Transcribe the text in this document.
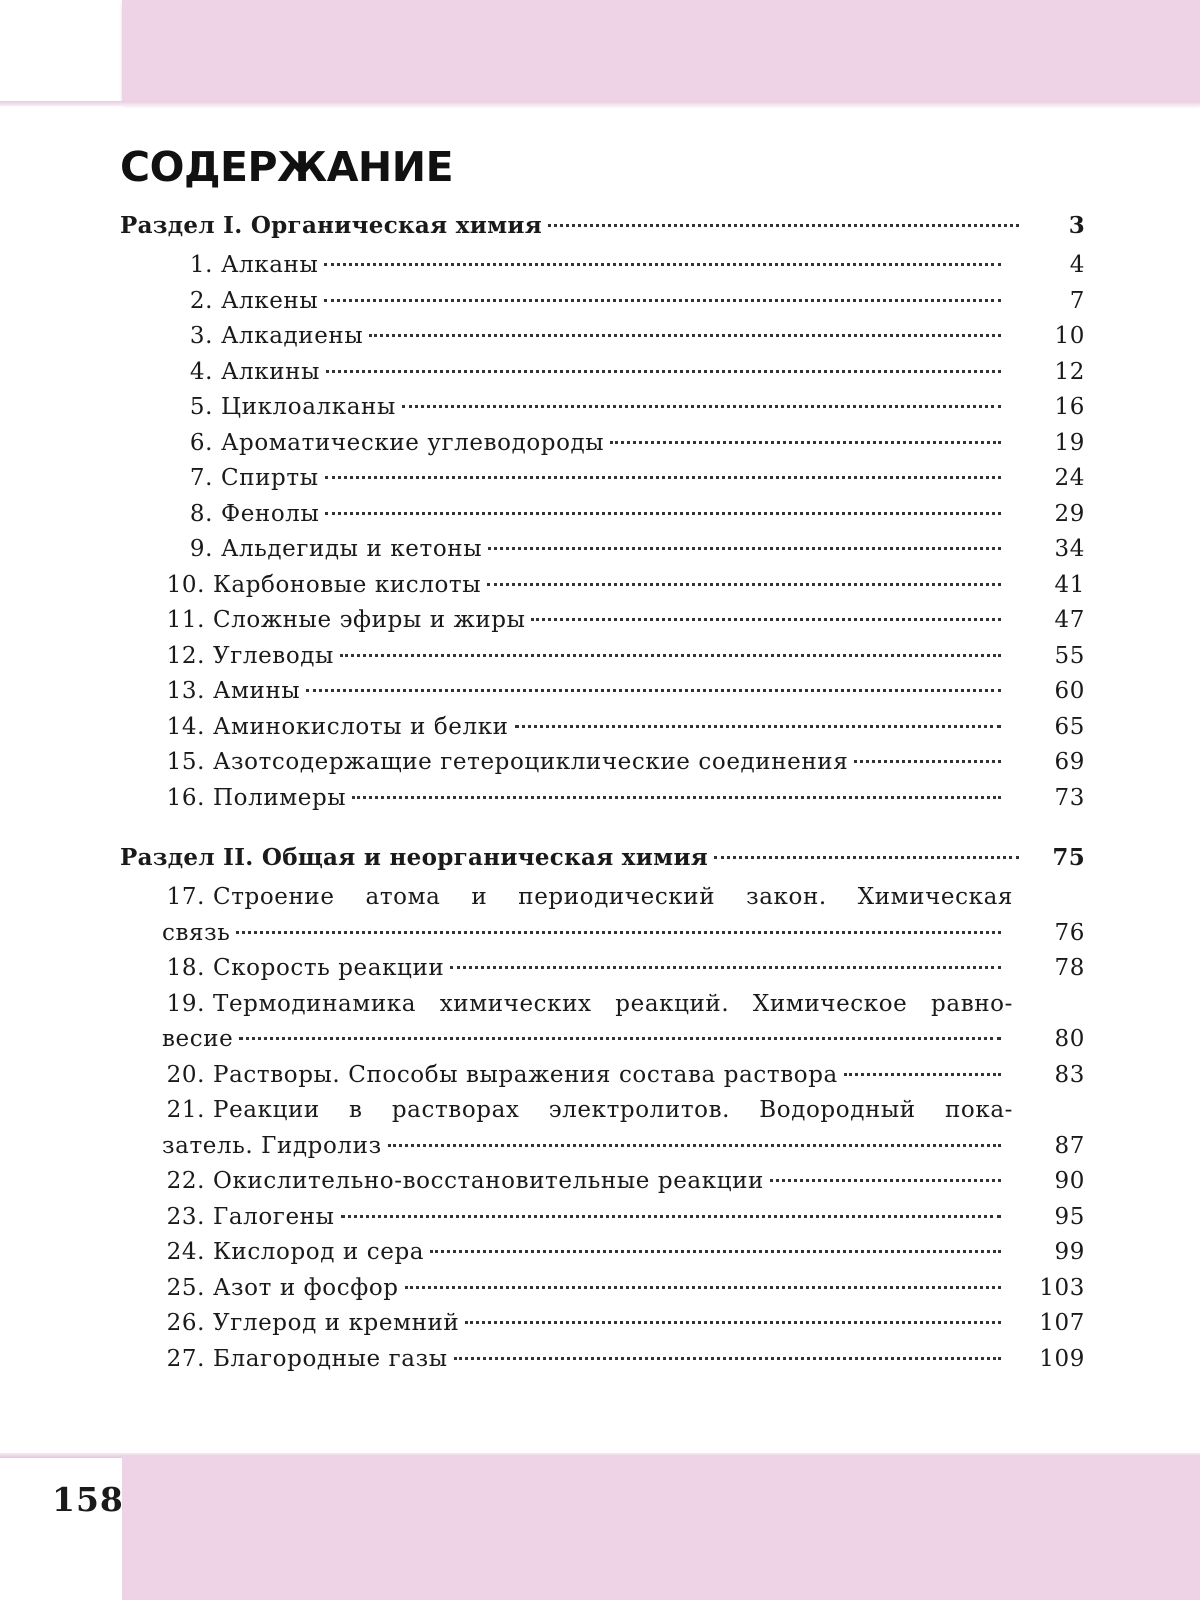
СОДЕРЖАНИЕ
Раздел I. Органическая химия	3
1. Алканы	4
2. Алкены	7
3. Алкадиены	10
4. Алкины	12
5. Циклоалканы	16
6. Ароматические углеводороды	19
7. Спирты	24
8. Фенолы	29
9. Альдегиды и кетоны	34
10. Карбоновые кислоты	41
11. Сложные эфиры и жиры	47
12. Углеводы	55
13. Амины	60
14. Аминокислоты и белки	65
15. Азотсодержащие гетероциклические соединения	69
16. Полимеры	73
Раздел II. Общая и неорганическая химия	75
17. Строение атома и периодический закон. Химическая
связь	76
18. Скорость реакции	78
19. Термодинамика химических реакций. Химическое равно-
весие	80
20. Растворы. Способы выражения состава раствора	83
21. Реакции в растворах электролитов. Водородный пока-
затель. Гидролиз	87
22. Окислительно-восстановительные реакции	90
23. Галогены	95
24. Кислород и сера	99
25. Азот и фосфор	103
26. Углерод и кремний	107
27. Благородные газы	109
158
